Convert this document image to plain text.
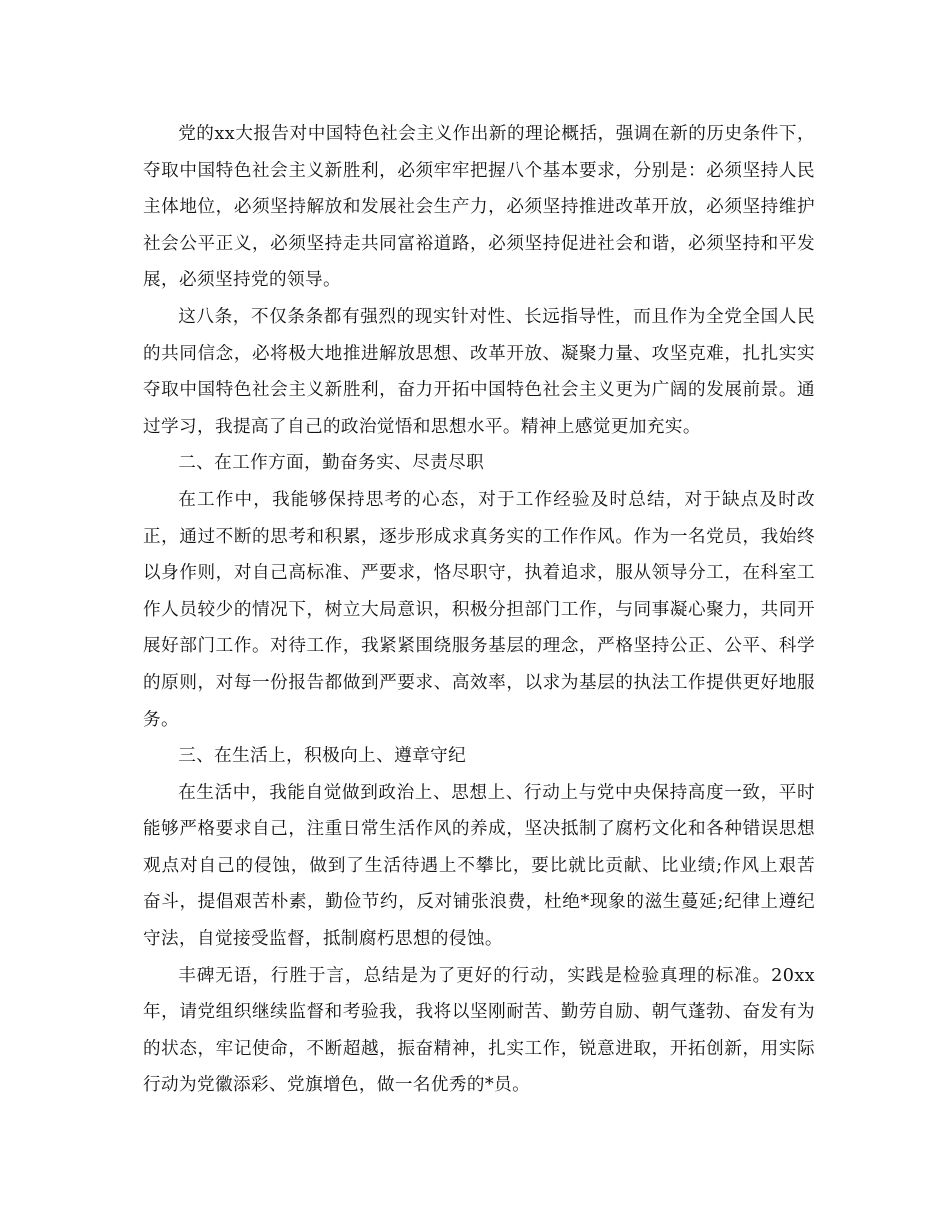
党的xx大报告对中国特色社会主义作出新的理论概括，强调在新的历史条件下，夺取中国特色社会主义新胜利，必须牢牢把握八个基本要求，分别是：必须坚持人民主体地位，必须坚持解放和发展社会生产力，必须坚持推进改革开放，必须坚持维护社会公平正义，必须坚持走共同富裕道路，必须坚持促进社会和谐，必须坚持和平发展，必须坚持党的领导。

这八条，不仅条条都有强烈的现实针对性、长远指导性，而且作为全党全国人民的共同信念，必将极大地推进解放思想、改革开放、凝聚力量、攻坚克难，扎扎实实夺取中国特色社会主义新胜利，奋力开拓中国特色社会主义更为广阔的发展前景。通过学习，我提高了自己的政治觉悟和思想水平。精神上感觉更加充实。

二、在工作方面，勤奋务实、尽责尽职

在工作中，我能够保持思考的心态，对于工作经验及时总结，对于缺点及时改正，通过不断的思考和积累，逐步形成求真务实的工作作风。作为一名党员，我始终以身作则，对自己高标准、严要求，恪尽职守，执着追求，服从领导分工，在科室工作人员较少的情况下，树立大局意识，积极分担部门工作，与同事凝心聚力，共同开展好部门工作。对待工作，我紧紧围绕服务基层的理念，严格坚持公正、公平、科学的原则，对每一份报告都做到严要求、高效率，以求为基层的执法工作提供更好地服务。

三、在生活上，积极向上、遵章守纪

在生活中，我能自觉做到政治上、思想上、行动上与党中央保持高度一致，平时能够严格要求自己，注重日常生活作风的养成，坚决抵制了腐朽文化和各种错误思想观点对自己的侵蚀，做到了生活待遇上不攀比，要比就比贡献、比业绩;作风上艰苦奋斗，提倡艰苦朴素，勤俭节约，反对铺张浪费，杜绝*现象的滋生蔓延;纪律上遵纪守法，自觉接受监督，抵制腐朽思想的侵蚀。

丰碑无语，行胜于言，总结是为了更好的行动，实践是检验真理的标准。20xx年，请党组织继续监督和考验我，我将以坚刚耐苦、勤劳自励、朝气蓬勃、奋发有为的状态，牢记使命，不断超越，振奋精神，扎实工作，锐意进取，开拓创新，用实际行动为党徽添彩、党旗增色，做一名优秀的*员。
